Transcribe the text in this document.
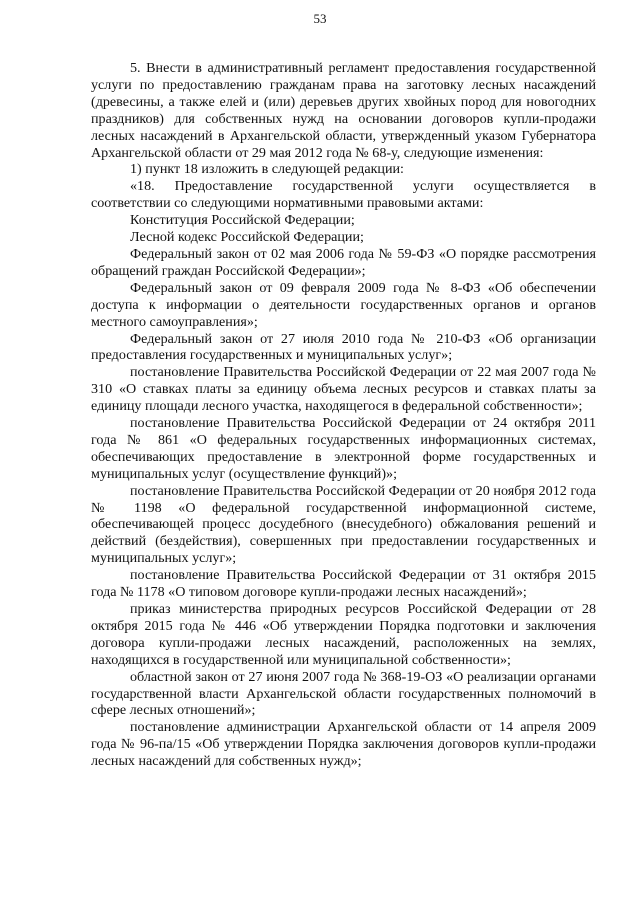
53

5. Внести в административный регламент предоставления государственной услуги по предоставлению гражданам права на заготовку лесных насаждений (древесины, а также елей и (или) деревьев других хвойных пород для новогодних праздников) для собственных нужд на основании договоров купли-продажи лесных насаждений в Архангельской области, утвержденный указом Губернатора Архангельской области от 29 мая 2012 года № 68-у, следующие изменения:

1) пункт 18 изложить в следующей редакции:

«18. Предоставление государственной услуги осуществляется в соответствии со следующими нормативными правовыми актами:

Конституция Российской Федерации;

Лесной кодекс Российской Федерации;

Федеральный закон от 02 мая 2006 года № 59-ФЗ «О порядке рассмотрения обращений граждан Российской Федерации»;

Федеральный закон от 09 февраля 2009 года № 8-ФЗ «Об обеспечении доступа к информации о деятельности государственных органов и органов местного самоуправления»;

Федеральный закон от 27 июля 2010 года № 210-ФЗ «Об организации предоставления государственных и муниципальных услуг»;

постановление Правительства Российской Федерации от 22 мая 2007 года № 310 «О ставках платы за единицу объема лесных ресурсов и ставках платы за единицу площади лесного участка, находящегося в федеральной собственности»;

постановление Правительства Российской Федерации от 24 октября 2011 года № 861 «О федеральных государственных информационных системах, обеспечивающих предоставление в электронной форме государственных и муниципальных услуг (осуществление функций)»;

постановление Правительства Российской Федерации от 20 ноября 2012 года № 1198 «О федеральной государственной информационной системе, обеспечивающей процесс досудебного (внесудебного) обжалования решений и действий (бездействия), совершенных при предоставлении государственных и муниципальных услуг»;

постановление Правительства Российской Федерации от 31 октября 2015 года № 1178 «О типовом договоре купли-продажи лесных насаждений»;

приказ министерства природных ресурсов Российской Федерации от 28 октября 2015 года № 446 «Об утверждении Порядка подготовки и заключения договора купли-продажи лесных насаждений, расположенных на землях, находящихся в государственной или муниципальной собственности»;

областной закон от 27 июня 2007 года № 368-19-ОЗ «О реализации органами государственной власти Архангельской области государственных полномочий в сфере лесных отношений»;

постановление администрации Архангельской области от 14 апреля 2009 года № 96-па/15 «Об утверждении Порядка заключения договоров купли-продажи лесных насаждений для собственных нужд»;
